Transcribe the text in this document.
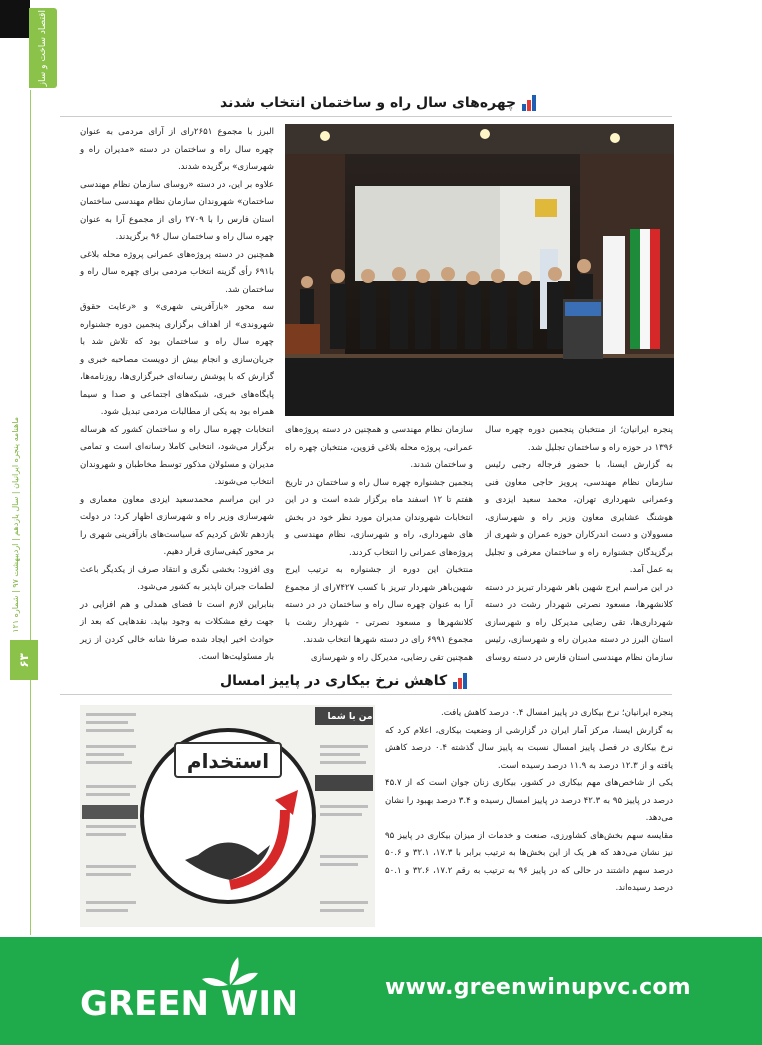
اقتصاد ساخت و ساز
ماهنامه پنجره ایرانیان | سال یازدهم | اردیبهشت ۹۷ | شماره ۱۲۱
۶۳
چهره‌های سال راه و ساختمان انتخاب شدند

پنجره ایرانیان؛ از منتخبان پنجمین دوره چهره سال ۱۳۹۶ در حوزه راه و ساختمان تجلیل شد.

به گزارش ایسنا، با حضور فرجاله رجبی رئیس سازمان نظام مهندسی، پرویز حاجی معاون فنی وعمرانی شهرداری تهران، محمد سعید ایزدی و هوشنگ عشایری معاون وزیر راه و شهرسازی، مسوولان و دست اندرکاران حوزه عمران و شهری از برگزیدگان جشنواره راه و ساختمان معرفی و تجلیل به عمل آمد.

در این مراسم ایرج شهین باهر شهردار تبریز در دسته کلانشهرها، مسعود نصرتی شهردار رشت در دسته شهرداری‌ها، تقی رضایی مدیرکل راه و شهرسازی استان البرز در دسته مدیران راه و شهرسازی، رئیس سازمان نظام مهندسی استان فارس در دسته روسای

سازمان نظام مهندسی و همچنین در دسته پروژه‌های عمرانی، پروژه محله بلاغی قزوین، منتخبان چهره راه و ساختمان شدند.

پنجمین جشنواره چهره سال راه و ساختمان در تاریخ هفتم تا ۱۲ اسفند ماه برگزار شده است و در این انتخابات شهروندان مدیران مورد نظر خود در بخش های شهرداری، راه و شهرسازی، نظام مهندسی و پروژه‌های عمرانی را انتخاب کردند.

منتخبان این دوره از جشنواره به ترتیب ایرج شهین‌باهر شهردار تبریز با کسب ۷۴۲۷رای از مجموع آرا به عنوان چهره سال راه و ساختمان در در دسته کلانشهرها و مسعود نصرتی - شهردار رشت با مجموع ۶۹۹۱ رای در دسته شهرها انتخاب شدند.

همچنین تقی رضایی، مدیرکل راه و شهرسازی

البرز با مجموع ۲۶۵۱رای از آرای مردمی به عنوان چهره سال راه و ساختمان در دسته «مدیران راه و شهرسازی» برگزیده شدند.

علاوه بر این، در دسته «روسای سازمان نظام مهندسی ساختمان» شهروندان سازمان نظام مهندسی ساختمان استان فارس را با ۲۷۰۹ رای از مجموع آرا به عنوان چهره سال راه و ساختمان سال ۹۶ برگزیدند.

همچنین در دسته پروژه‌های عمرانی پروژه محله بلاغی با۶۹۱ رأی گزینه انتخاب مردمی برای چهره سال راه و ساختمان شد.

سه محور «بازآفرینی شهری» و «رعایت حقوق شهروندی» از اهداف برگزاری پنجمین دوره جشنواره چهره سال راه و ساختمان بود که تلاش شد با جریان‌سازی و انجام بیش از دویست مصاحبه خبری و گزارش که با پوشش رسانه‌ای خبرگزاری‌ها، روزنامه‌ها، پایگاه‌های خبری، شبکه‌های اجتماعی و صدا و سیما همراه بود به یکی از مطالبات مردمی تبدیل شود.

انتخابات چهره سال راه و ساختمان کشور که هرساله برگزار می‌شود، انتخابی کاملا رسانه‌ای است و تمامی مدیران و مسئولان مذکور توسط مخاطبان و شهروندان انتخاب می‌شوند.

در این مراسم محمدسعید ایزدی معاون معماری و شهرسازی وزیر راه و شهرسازی اظهار کرد: در دولت یازدهم تلاش کردیم که سیاست‌های بازآفرینی شهری را بر محور کیفی‌سازی قرار دهیم.

وی افزود: بخشی نگری و انتقاد صرف از یکدیگر باعث لطمات جبران ناپذیر به کشور می‌شود.

بنابراین لازم است تا فضای همدلی و هم افزایی در جهت رفع مشکلات به وجود بیاید. نقدهایی که بعد از حوادث اخیر ایجاد شده صرفا شانه خالی کردن از زیر بار مسئولیت‌ها است.

کاهش نرخ بیکاری در پاییز امسال
استخدام
من با شما	پنجره ایرانیان؛ نرخ بیکاری در پاییز امسال ۰.۴ درصد کاهش یافت.

به گزارش ایسنا، مرکز آمار ایران در گزارشی از وضعیت بیکاری، اعلام کرد که نرخ بیکاری در فصل پاییز امسال نسبت به پاییز سال گذشته ۰.۴ درصد کاهش یافته و از ۱۲.۳ درصد به ۱۱.۹ درصد رسیده است.

یکی از شاخص‌های مهم بیکاری در کشور، بیکاری زنان جوان است که از ۴۵.۷ درصد در پاییز ۹۵ به ۴۲.۳ درصد در پاییز امسال رسیده و ۳.۴ درصد بهبود را نشان می‌دهد.

مقایسه سهم بخش‌های کشاورزی، صنعت و خدمات از میزان بیکاری در پاییز ۹۵ نیز نشان می‌دهد که هر یک از این بخش‌ها به ترتیب برابر با ۱۷.۳، ۳۲.۱ و ۵۰.۶ درصد سهم داشتند در حالی که در پاییز ۹۶ به ترتیب به رقم ۱۷.۲، ۳۲.۶ و ۵۰.۱ درصد رسیده‌اند.

GREEN WIN	www.greenwinupvc.com
